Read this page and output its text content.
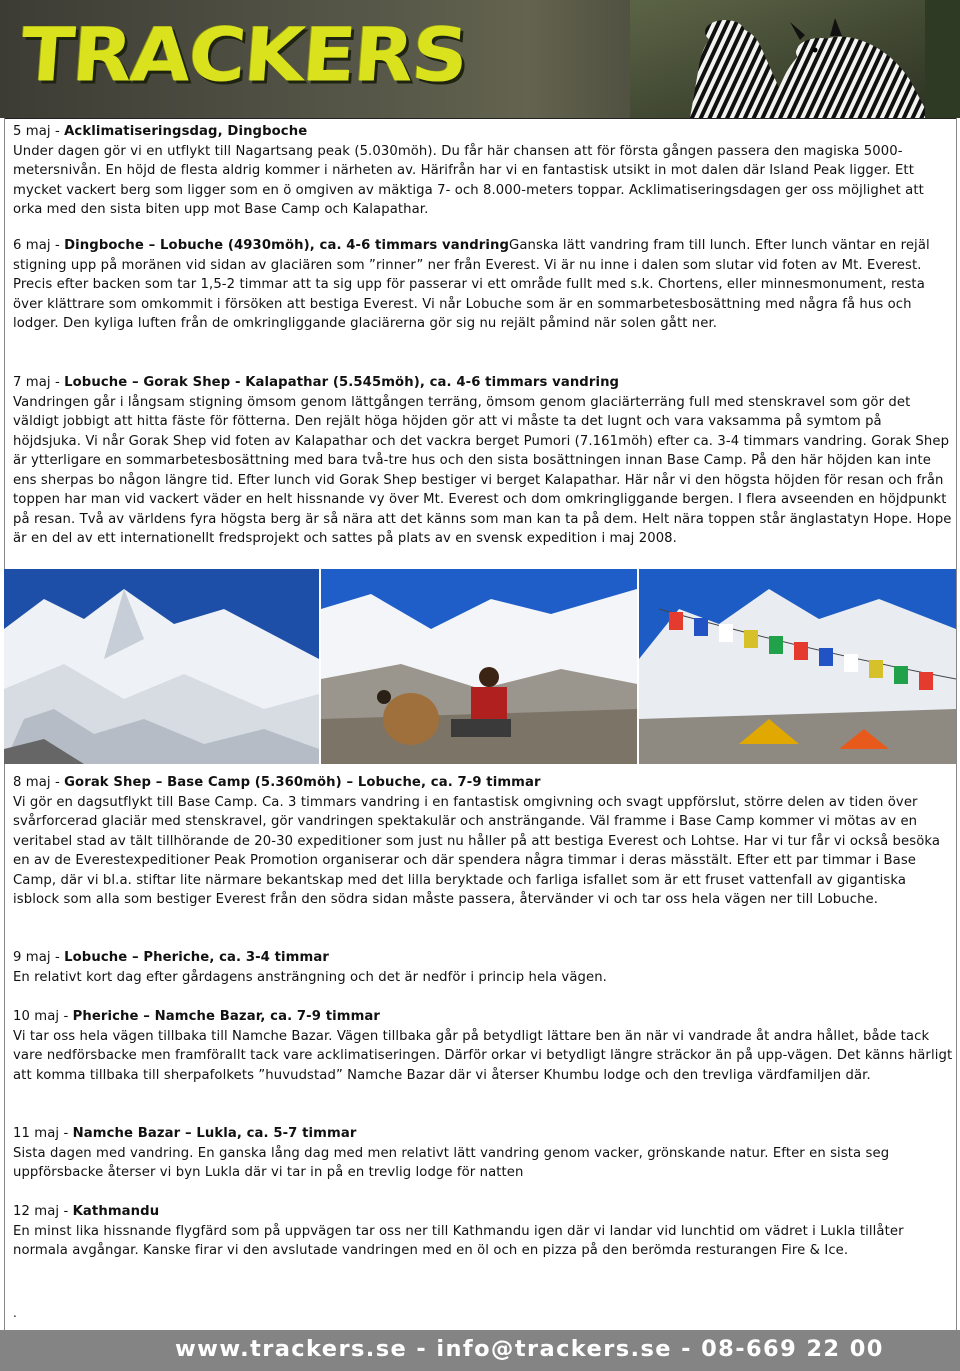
TRACKERS
5 maj - Acklimatiseringsdag, Dingboche

Under dagen gör vi en utflykt till Nagartsang peak (5.030möh). Du får här chansen att för första gången passera den magiska 5000-metersnivån. En höjd de flesta aldrig kommer i närheten av. Härifrån har vi en fantastisk utsikt in mot dalen där Island Peak ligger. Ett mycket vackert berg som ligger som en ö omgiven av mäktiga 7- och 8.000-meters toppar. Acklimatiseringsdagen ger oss möjlighet att orka med den sista biten upp mot Base Camp och Kalapathar.

6 maj - Dingboche – Lobuche (4930möh), ca. 4-6 timmars vandringGanska lätt vandring fram till lunch. Efter lunch väntar en rejäl stigning upp på moränen vid sidan av glaciären som ”rinner” ner från Everest. Vi är nu inne i dalen som slutar vid foten av Mt. Everest. Precis efter backen som tar 1,5-2 timmar att ta sig upp för passerar vi ett område fullt med s.k. Chortens, eller minnesmonument, resta över klättrare som omkommit i försöken att bestiga Everest. Vi når Lobuche som är en sommarbetesbosättning med några få hus och lodger. Den kyliga luften från de omkringliggande glaciärerna gör sig nu rejält påmind när solen gått ner.

7 maj - Lobuche – Gorak Shep - Kalapathar (5.545möh), ca. 4-6 timmars vandring

Vandringen går i långsam stigning ömsom genom lättgången terräng, ömsom genom glaciärterräng full med stenskravel som gör det väldigt jobbigt att hitta fäste för fötterna. Den rejält höga höjden gör att vi måste ta det lugnt och vara vaksamma på symtom på höjdsjuka. Vi når Gorak Shep vid foten av Kalapathar och det vackra berget Pumori (7.161möh) efter ca. 3-4 timmars vandring. Gorak Shep är ytterligare en sommarbetesbosättning med bara två-tre hus och den sista bosättningen innan Base Camp. På den här höjden kan inte ens sherpas bo någon längre tid. Efter lunch vid Gorak Shep bestiger vi berget Kalapathar. Här når vi den högsta höjden för resan och från toppen har man vid vackert väder en helt hissnande vy över Mt. Everest och dom omkringliggande bergen. I flera avseenden en höjdpunkt på resan. Två av världens fyra högsta berg är så nära att det känns som man kan ta på dem. Helt nära toppen står änglastatyn Hope. Hope är en del av ett internationellt fredsprojekt och sattes på plats av en svensk expedition i maj 2008.

8 maj - Gorak Shep – Base Camp (5.360möh) – Lobuche, ca. 7-9 timmar

Vi gör en dagsutflykt till Base Camp. Ca. 3 timmars vandring i en fantastisk omgivning och svagt uppförslut, större delen av tiden över svårforcerad glaciär med stenskravel, gör vandringen spektakulär och ansträngande. Väl framme i Base Camp kommer vi mötas av en veritabel stad av tält tillhörande de 20-30 expeditioner som just nu håller på att bestiga Everest och Lohtse. Har vi tur får vi också besöka en av de Everestexpeditioner Peak Promotion organiserar och där spendera några timmar i deras mässtält. Efter ett par timmar i Base Camp, där vi bl.a. stiftar lite närmare bekantskap med det lilla beryktade och farliga isfallet som är ett fruset vattenfall av gigantiska isblock som alla som bestiger Everest från den södra sidan måste passera, återvänder vi och tar oss hela vägen ner till Lobuche.

9 maj - Lobuche – Pheriche, ca. 3-4 timmar

En relativt kort dag efter gårdagens ansträngning och det är nedför i princip hela vägen.

10 maj - Pheriche – Namche Bazar, ca. 7-9 timmar

Vi tar oss hela vägen tillbaka till Namche Bazar. Vägen tillbaka går på betydligt lättare ben än när vi vandrade åt andra hållet, både tack vare nedförsbacke men framförallt tack vare acklimatiseringen. Därför orkar vi betydligt längre sträckor än på upp-vägen. Det känns härligt att komma tillbaka till sherpafolkets ”huvudstad” Namche Bazar där vi återser Khumbu lodge och den trevliga värdfamiljen där.

11 maj - Namche Bazar – Lukla, ca. 5-7 timmar

Sista dagen med vandring. En ganska lång dag med men relativt lätt vandring genom vacker, grönskande natur. Efter en sista seg uppförsbacke återser vi byn Lukla där vi tar in på en trevlig lodge för natten

12 maj - Kathmandu

En minst lika hissnande flygfärd som på uppvägen tar oss ner till Kathmandu igen där vi landar vid lunchtid om vädret i Lukla tillåter normala avgångar. Kanske firar vi den avslutade vandringen med en öl och en pizza på den berömda resturangen Fire & Ice.

.
www.trackers.se - info@trackers.se - 08-669 22 00
